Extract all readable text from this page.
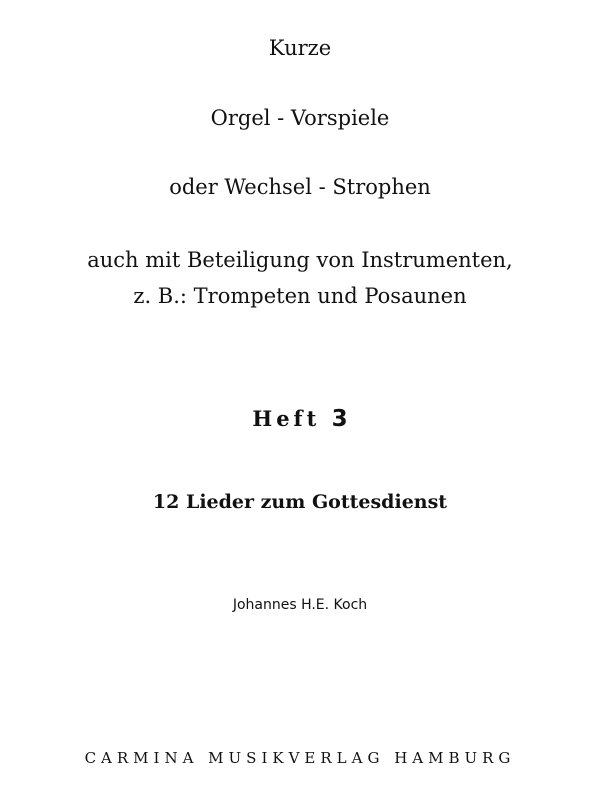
Kurze
Orgel - Vorspiele
oder Wechsel - Strophen
auch mit Beteiligung von Instrumenten,
z. B.: Trompeten und Posaunen
Heft 3
12 Lieder zum Gottesdienst
Johannes H.E. Koch
CARMINA MUSIKVERLAG HAMBURG
